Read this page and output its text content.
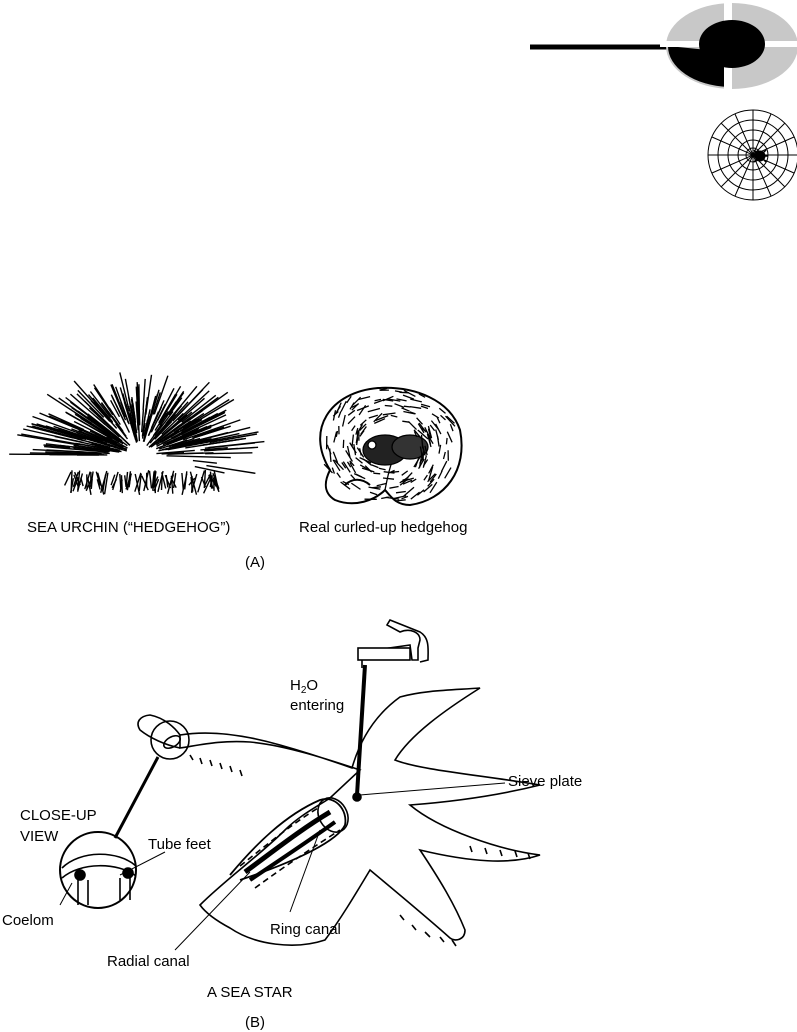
SEA URCHIN (“HEDGEHOG”)	Real curled-up hedgehog
(A)
$H_2O$
entering
Sieve plate
CLOSE-UP
VIEW	Tube feet
Coelom
Ring canal
Radial canal
A SEA STAR
(B)
